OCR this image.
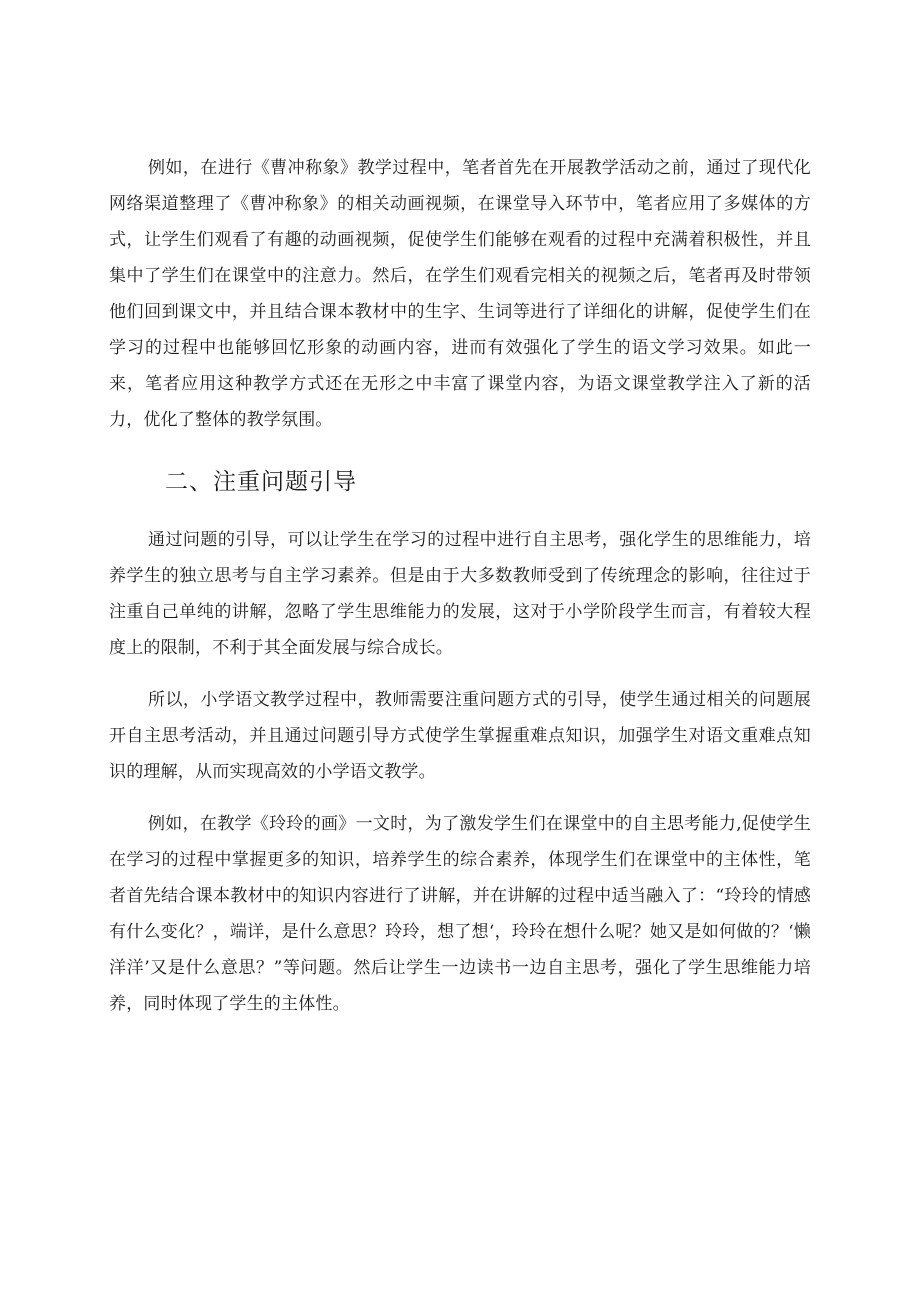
例如，在进行《曹冲称象》教学过程中，笔者首先在开展教学活动之前，通过了现代化网络渠道整理了《曹冲称象》的相关动画视频，在课堂导入环节中，笔者应用了多媒体的方式，让学生们观看了有趣的动画视频，促使学生们能够在观看的过程中充满着积极性，并且集中了学生们在课堂中的注意力。然后，在学生们观看完相关的视频之后，笔者再及时带领他们回到课文中，并且结合课本教材中的生字、生词等进行了详细化的讲解，促使学生们在学习的过程中也能够回忆形象的动画内容，进而有效强化了学生的语文学习效果。如此一来，笔者应用这种教学方式还在无形之中丰富了课堂内容，为语文课堂教学注入了新的活力，优化了整体的教学氛围。

二、注重问题引导

通过问题的引导，可以让学生在学习的过程中进行自主思考，强化学生的思维能力，培养学生的独立思考与自主学习素养。但是由于大多数教师受到了传统理念的影响，往往过于注重自己单纯的讲解，忽略了学生思维能力的发展，这对于小学阶段学生而言，有着较大程度上的限制，不利于其全面发展与综合成长。

所以，小学语文教学过程中，教师需要注重问题方式的引导，使学生通过相关的问题展开自主思考活动，并且通过问题引导方式使学生掌握重难点知识，加强学生对语文重难点知识的理解，从而实现高效的小学语文教学。

例如，在教学《玲玲的画》一文时，为了激发学生们在课堂中的自主思考能力,促使学生在学习的过程中掌握更多的知识，培养学生的综合素养，体现学生们在课堂中的主体性，笔者首先结合课本教材中的知识内容进行了讲解，并在讲解的过程中适当融入了：“玲玲的情感有什么变化？，端详，是什么意思？玲玲，想了想‘，玲玲在想什么呢？她又是如何做的？‘懒洋洋’又是什么意思？”等问题。然后让学生一边读书一边自主思考，强化了学生思维能力培养，同时体现了学生的主体性。
